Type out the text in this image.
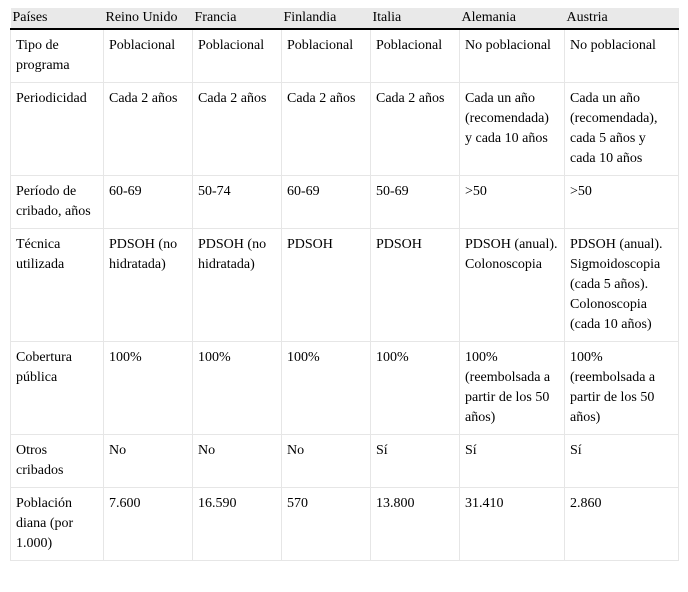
Países	Reino Unido	Francia	Finlandia	Italia	Alemania	Austria
Tipo de programa	Poblacional	Poblacional	Poblacional	Poblacional	No poblacional	No poblacional
Periodicidad	Cada 2 años	Cada 2 años	Cada 2 años	Cada 2 años	Cada un año (recomendada) y cada 10 años	Cada un año (recomendada), cada 5 años y cada 10 años
Período de cribado, años	60-69	50-74	60-69	50-69	>50	>50
Técnica utilizada	PDSOH (no hidratada)	PDSOH (no hidratada)	PDSOH	PDSOH	PDSOH (anual). Colonoscopia	PDSOH (anual). Sigmoidoscopia (cada 5 años). Colonoscopia (cada 10 años)
Cobertura pública	100%	100%	100%	100%	100% (reembolsada a partir de los 50 años)	100% (reembolsada a partir de los 50 años)
Otros cribados	No	No	No	Sí	Sí	Sí
Población diana (por 1.000)	7.600	16.590	570	13.800	31.410	2.860
